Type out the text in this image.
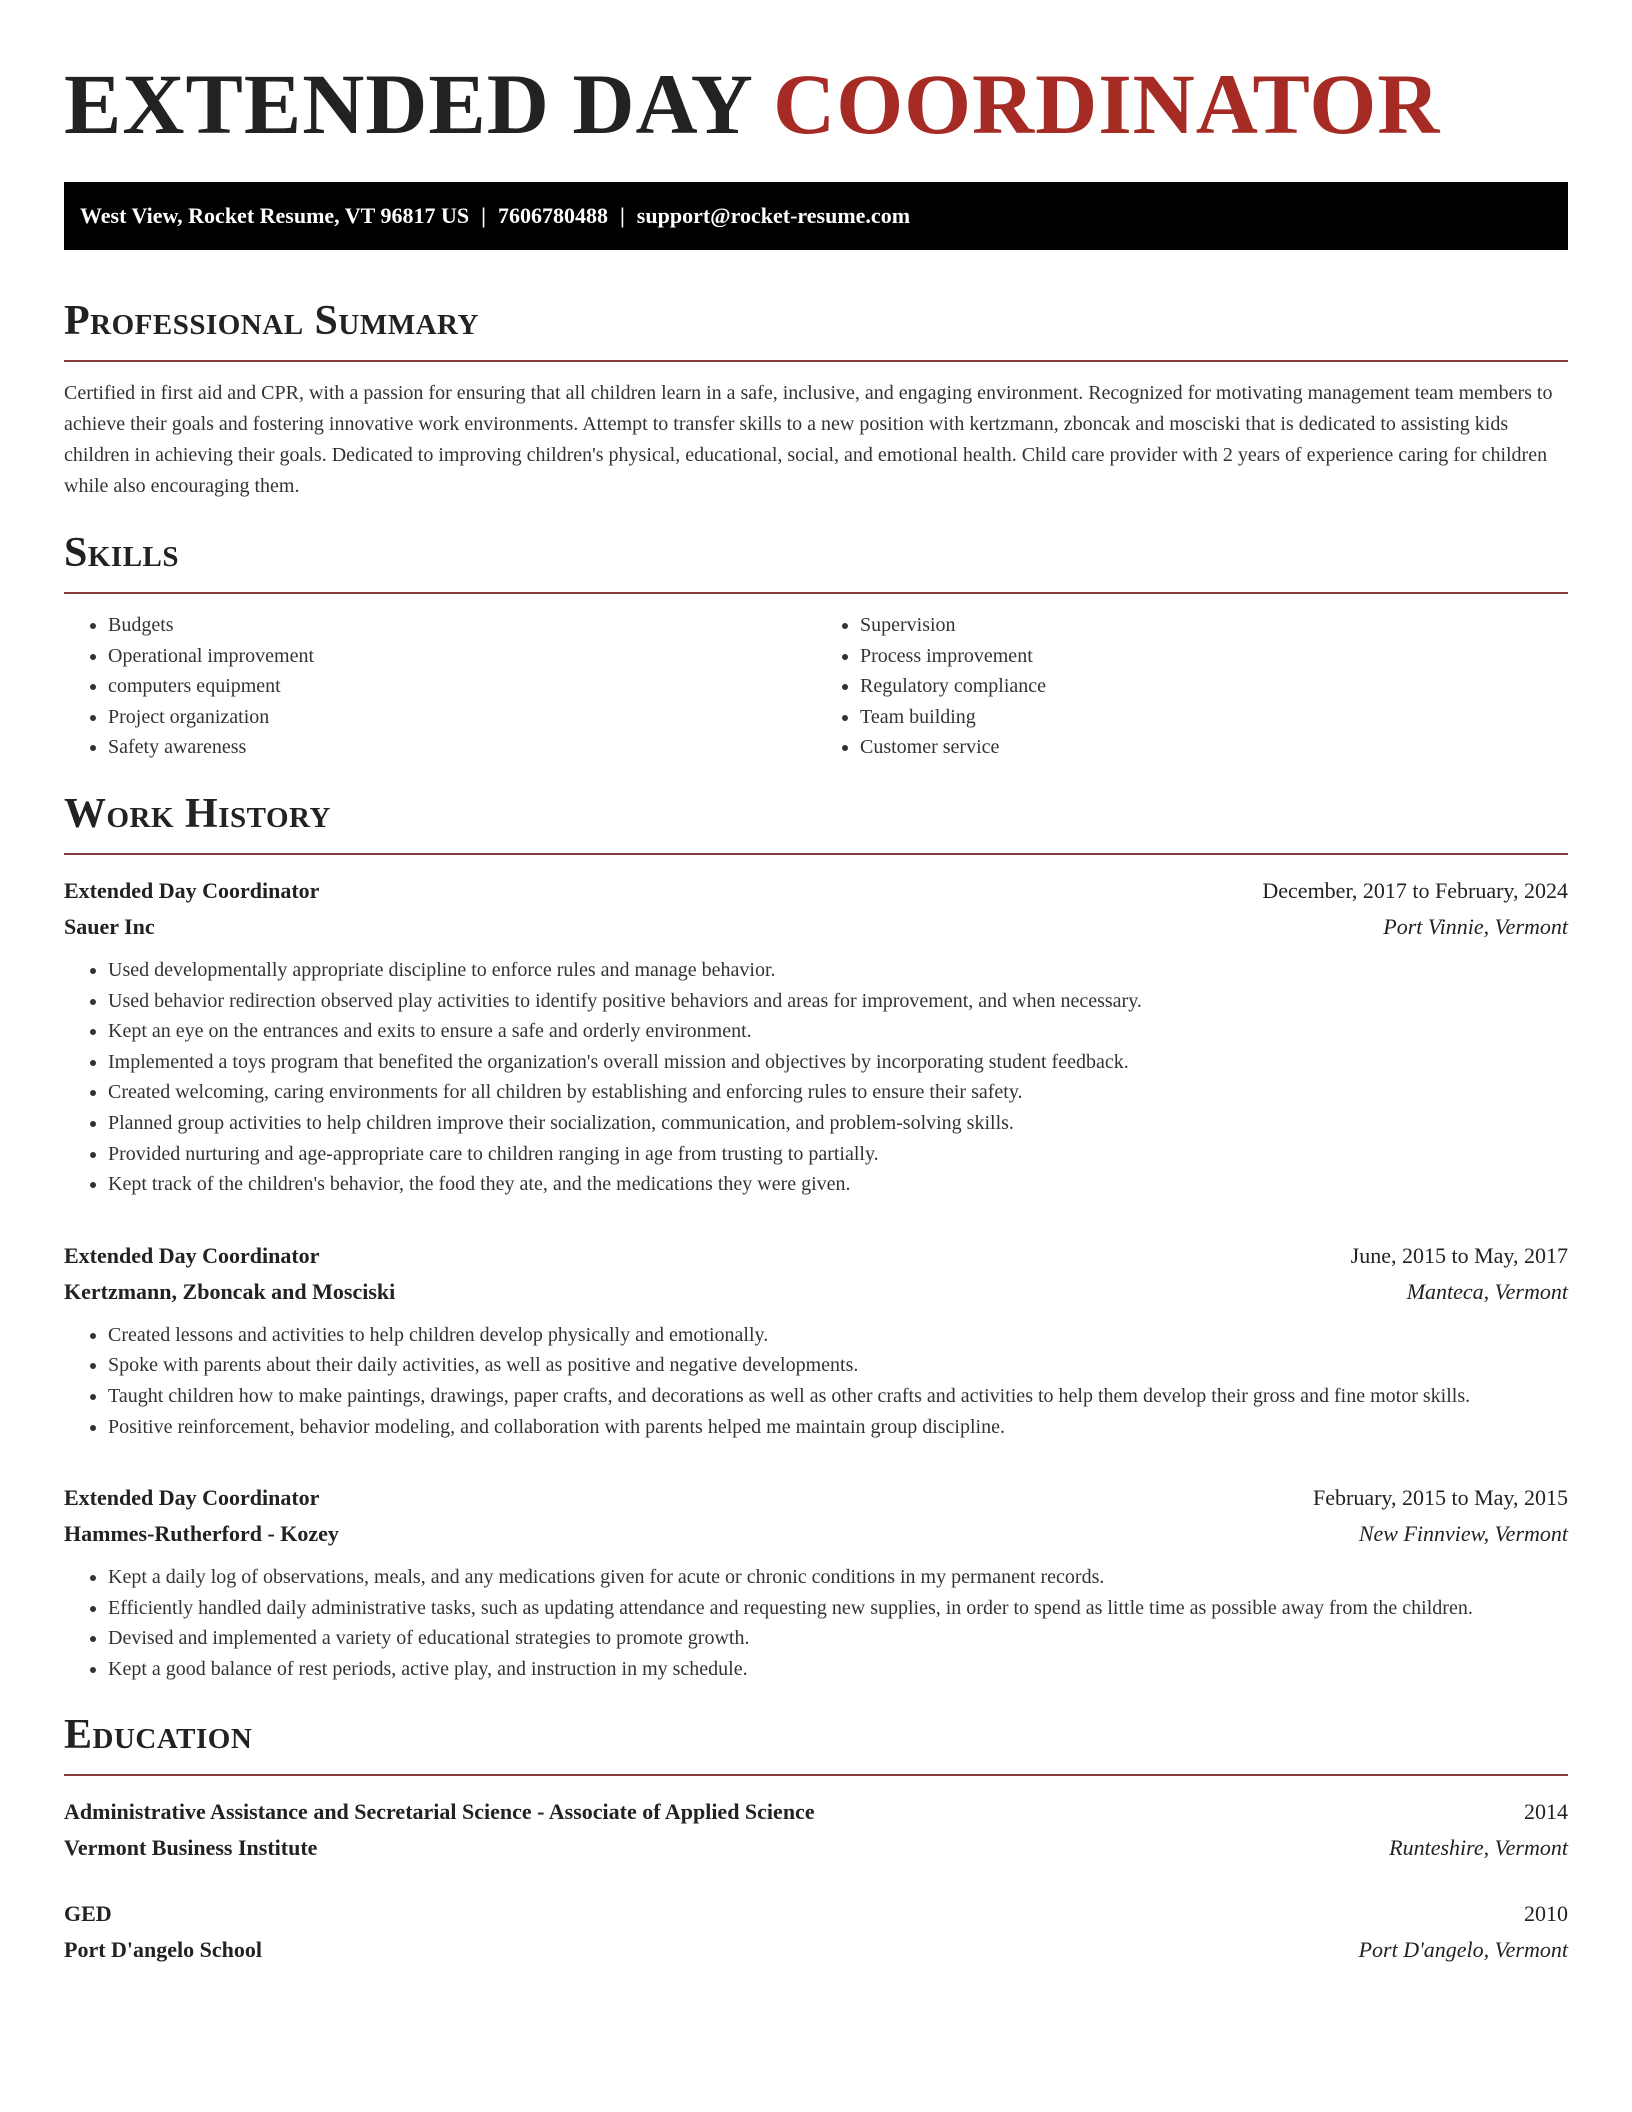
EXTENDED DAY COORDINATOR
West View, Rocket Resume, VT 96817 US | 7606780488 | support@rocket-resume.com
Professional Summary

Certified in first aid and CPR, with a passion for ensuring that all children learn in a safe, inclusive, and engaging environment. Recognized for motivating management team members to achieve their goals and fostering innovative work environments. Attempt to transfer skills to a new position with kertzmann, zboncak and mosciski that is dedicated to assisting kids children in achieving their goals. Dedicated to improving children's physical, educational, social, and emotional health. Child care provider with 2 years of experience caring for children while also encouraging them.

Skills
• Budgets
• Operational improvement
• computers equipment
• Project organization
• Safety awareness
• Supervision
• Process improvement
• Regulatory compliance
• Team building
• Customer service
Work History
Extended Day Coordinator	December, 2017 to February, 2024
Sauer Inc	Port Vinnie, Vermont
• Used developmentally appropriate discipline to enforce rules and manage behavior.
• Used behavior redirection observed play activities to identify positive behaviors and areas for improvement, and when necessary.
• Kept an eye on the entrances and exits to ensure a safe and orderly environment.
• Implemented a toys program that benefited the organization's overall mission and objectives by incorporating student feedback.
• Created welcoming, caring environments for all children by establishing and enforcing rules to ensure their safety.
• Planned group activities to help children improve their socialization, communication, and problem-solving skills.
• Provided nurturing and age-appropriate care to children ranging in age from trusting to partially.
• Kept track of the children's behavior, the food they ate, and the medications they were given.
Extended Day Coordinator	June, 2015 to May, 2017
Kertzmann, Zboncak and Mosciski	Manteca, Vermont
• Created lessons and activities to help children develop physically and emotionally.
• Spoke with parents about their daily activities, as well as positive and negative developments.
• Taught children how to make paintings, drawings, paper crafts, and decorations as well as other crafts and activities to help them develop their gross and fine motor skills.
• Positive reinforcement, behavior modeling, and collaboration with parents helped me maintain group discipline.
Extended Day Coordinator	February, 2015 to May, 2015
Hammes-Rutherford - Kozey	New Finnview, Vermont
• Kept a daily log of observations, meals, and any medications given for acute or chronic conditions in my permanent records.
• Efficiently handled daily administrative tasks, such as updating attendance and requesting new supplies, in order to spend as little time as possible away from the children.
• Devised and implemented a variety of educational strategies to promote growth.
• Kept a good balance of rest periods, active play, and instruction in my schedule.
Education
Administrative Assistance and Secretarial Science - Associate of Applied Science	2014
Vermont Business Institute	Runteshire, Vermont
GED	2010
Port D'angelo School	Port D'angelo, Vermont
